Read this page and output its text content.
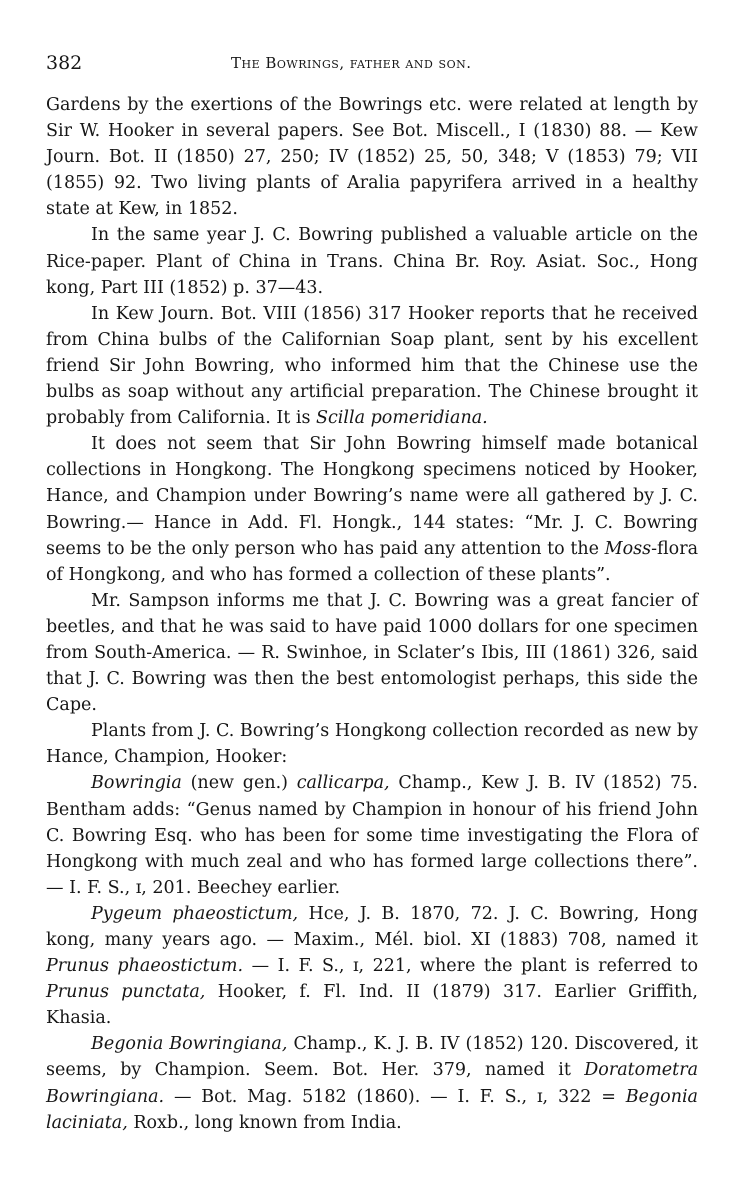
382	The Bowrings, father and son.

Gardens by the exertions of the Bowrings etc. were related at length by Sir W. Hooker in several papers. See Bot. Miscell., I (1830) 88. — Kew Journ. Bot. II (1850) 27, 250; IV (1852) 25, 50, 348; V (1853) 79; VII (1855) 92. Two living plants of Aralia papyrifera arrived in a healthy state at Kew, in 1852.

In the same year J. C. Bowring published a valuable article on the Rice-paper. Plant of China in Trans. China Br. Roy. Asiat. Soc., Hong kong, Part III (1852) p. 37—43.

In Kew Journ. Bot. VIII (1856) 317 Hooker reports that he received from China bulbs of the Californian Soap plant, sent by his excellent friend Sir John Bowring, who informed him that the Chinese use the bulbs as soap without any artificial preparation. The Chinese brought it probably from California. It is Scilla pomeridiana.

It does not seem that Sir John Bowring himself made botanical collections in Hongkong. The Hongkong specimens noticed by Hooker, Hance, and Champion under Bowring’s name were all gathered by J. C. Bowring.— Hance in Add. Fl. Hongk., 144 states: “Mr. J. C. Bowring seems to be the only person who has paid any attention to the Moss-flora of Hongkong, and who has formed a collection of these plants”.

Mr. Sampson informs me that J. C. Bowring was a great fancier of beetles, and that he was said to have paid 1000 dollars for one specimen from South-America. — R. Swinhoe, in Sclater’s Ibis, III (1861) 326, said that J. C. Bowring was then the best entomologist perhaps, this side the Cape.

Plants from J. C. Bowring’s Hongkong collection recorded as new by Hance, Champion, Hooker:

Bowringia (new gen.) callicarpa, Champ., Kew J. B. IV (1852) 75. Bentham adds: “Genus named by Champion in honour of his friend John C. Bowring Esq. who has been for some time investigating the Flora of Hongkong with much zeal and who has formed large collections there”. — I. F. S., ɪ, 201. Beechey earlier.

Pygeum phaeostictum, Hce, J. B. 1870, 72. J. C. Bowring, Hong kong, many years ago. — Maxim., Mél. biol. XI (1883) 708, named it Prunus phaeostictum. — I. F. S., ɪ, 221, where the plant is referred to Prunus punctata, Hooker, f. Fl. Ind. II (1879) 317. Earlier Griffith, Khasia.

Begonia Bowringiana, Champ., K. J. B. IV (1852) 120. Discovered, it seems, by Champion. Seem. Bot. Her. 379, named it Doratometra Bowringiana. — Bot. Mag. 5182 (1860). — I. F. S., ɪ, 322 = Begonia laciniata, Roxb., long known from India.
